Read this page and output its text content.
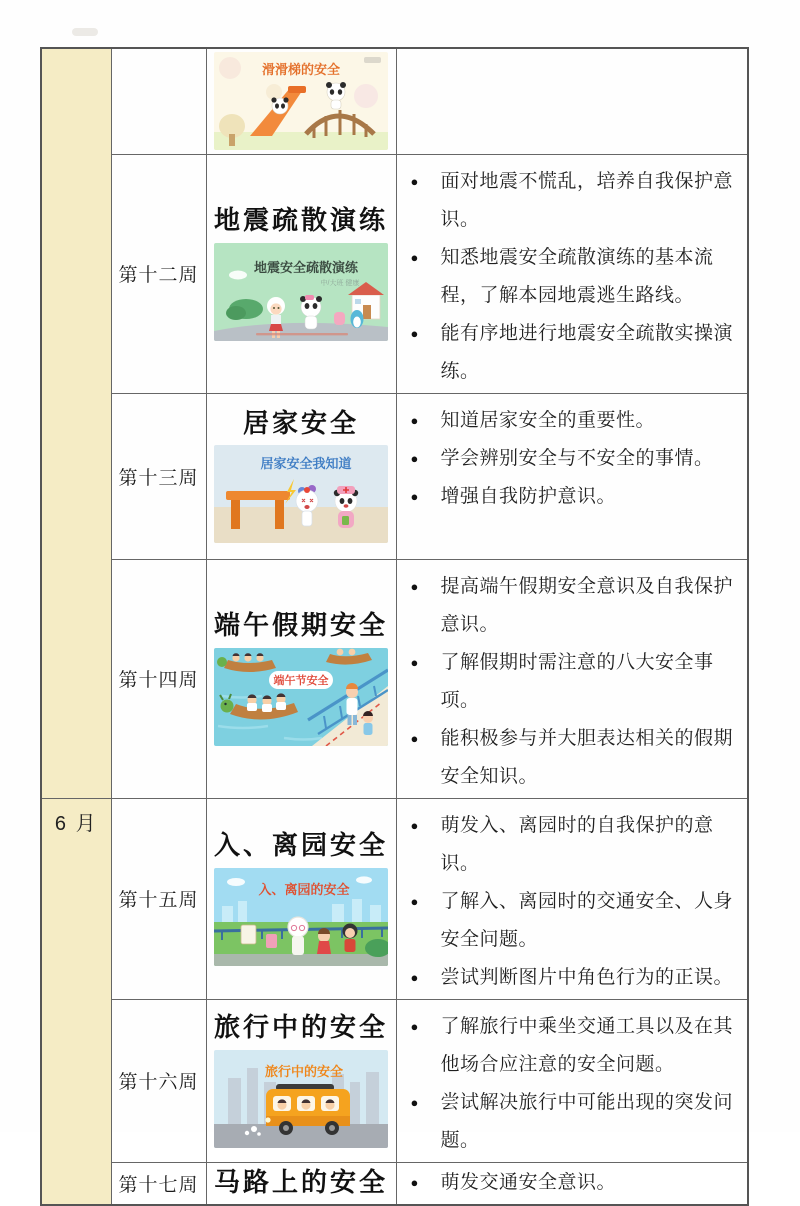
滑滑梯的安全

第十二周	
地震疏散演练
地震安全疏散演练
中/大班 健康

●	面对地震不慌乱，培养自我保护意识。
●	知悉地震安全疏散演练的基本流程，了解本园地震逃生路线。
●	能有序地进行地震安全疏散实操演练。

第十三周	
居家安全
居家安全我知道

●	知道居家安全的重要性。
●	学会辨别安全与不安全的事情。
●	增强自我防护意识。

第十四周	
端午假期安全
端午节安全

●	提高端午假期安全意识及自我保护意识。
●	了解假期时需注意的八大安全事项。
●	能积极参与并大胆表达相关的假期安全知识。

6 月	第十五周	
入、离园安全
入、离园的安全

●	萌发入、离园时的自我保护的意识。
●	了解入、离园时的交通安全、人身安全问题。
●	尝试判断图片中角色行为的正误。

第十六周	
旅行中的安全
旅行中的安全

●	了解旅行中乘坐交通工具以及在其他场合应注意的安全问题。
●	尝试解决旅行中可能出现的突发问题。

第十七周	马路上的安全	●	萌发交通安全意识。
